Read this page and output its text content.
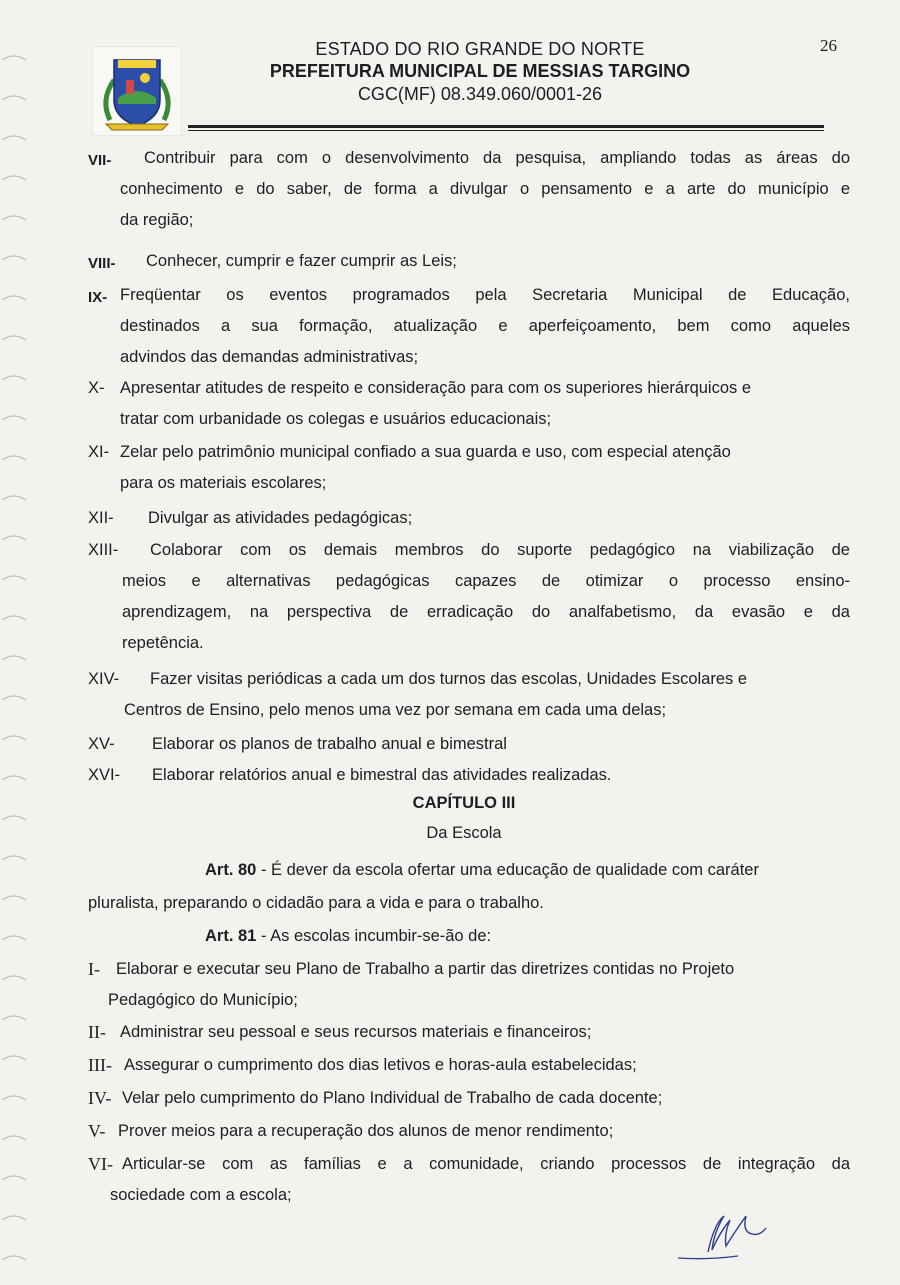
ESTADO DO RIO GRANDE DO NORTE
PREFEITURA MUNICIPAL DE MESSIAS TARGINO
CGC(MF) 08.349.060/0001-26
26
VII- Contribuir para com o desenvolvimento da pesquisa, ampliando todas as áreas do
conhecimento e do saber, de forma a divulgar o pensamento e a arte do município e
da região;
VIII- Conhecer, cumprir e fazer cumprir as Leis;
IX- Freqüentar os eventos programados pela Secretaria Municipal de Educação,
destinados a sua formação, atualização e aperfeiçoamento, bem como aqueles
advindos das demandas administrativas;
X- Apresentar atitudes de respeito e consideração para com os superiores hierárquicos e
tratar com urbanidade os colegas e usuários educacionais;
XI- Zelar pelo patrimônio municipal confiado a sua guarda e uso, com especial atenção
para os materiais escolares;
XII- Divulgar as atividades pedagógicas;
XIII- Colaborar com os demais membros do suporte pedagógico na viabilização de
meios e alternativas pedagógicas capazes de otimizar o processo ensino-
aprendizagem, na perspectiva de erradicação do analfabetismo, da evasão e da
repetência.
XIV- Fazer visitas periódicas a cada um dos turnos das escolas, Unidades Escolares e
Centros de Ensino, pelo menos uma vez por semana em cada uma delas;
XV- Elaborar os planos de trabalho anual e bimestral
XVI- Elaborar relatórios anual e bimestral das atividades realizadas.
CAPÍTULO III
Da Escola
Art. 80 - É dever da escola ofertar uma educação de qualidade com caráter
pluralista, preparando o cidadão para a vida e para o trabalho.
Art. 81 - As escolas incumbir-se-ão de:
I- Elaborar e executar seu Plano de Trabalho a partir das diretrizes contidas no Projeto
Pedagógico do Município;
II- Administrar seu pessoal e seus recursos materiais e financeiros;
III- Assegurar o cumprimento dos dias letivos e horas-aula estabelecidas;
IV- Velar pelo cumprimento do Plano Individual de Trabalho de cada docente;
V- Prover meios para a recuperação dos alunos de menor rendimento;
VI- Articular-se com as famílias e a comunidade, criando processos de integração da
sociedade com a escola;
